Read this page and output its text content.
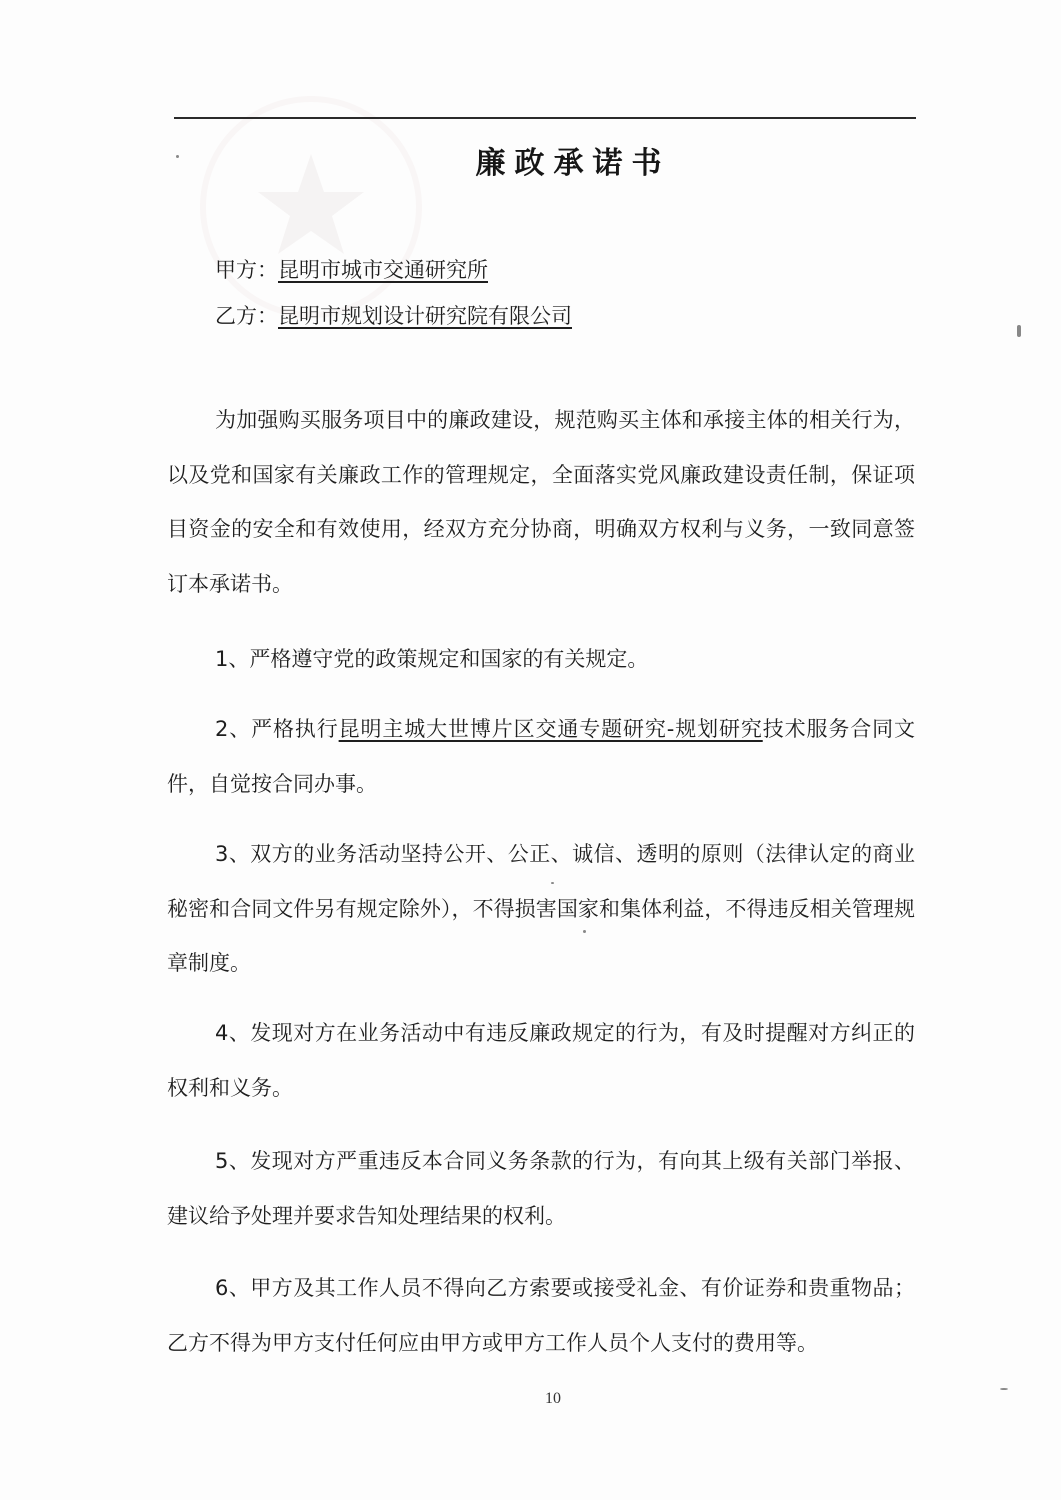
廉政承诺书
甲方：昆明市城市交通研究所
乙方：昆明市规划设计研究院有限公司

为加强购买服务项目中的廉政建设，规范购买主体和承接主体的相关行为，以及党和国家有关廉政工作的管理规定，全面落实党风廉政建设责任制，保证项目资金的安全和有效使用，经双方充分协商，明确双方权利与义务，一致同意签订本承诺书。

1、严格遵守党的政策规定和国家的有关规定。

2、严格执行昆明主城大世博片区交通专题研究-规划研究技术服务合同文件，自觉按合同办事。

3、双方的业务活动坚持公开、公正、诚信、透明的原则（法律认定的商业秘密和合同文件另有规定除外），不得损害国家和集体利益，不得违反相关管理规章制度。

4、发现对方在业务活动中有违反廉政规定的行为，有及时提醒对方纠正的权利和义务。

5、发现对方严重违反本合同义务条款的行为，有向其上级有关部门举报、建议给予处理并要求告知处理结果的权利。

6、甲方及其工作人员不得向乙方索要或接受礼金、有价证券和贵重物品；乙方不得为甲方支付任何应由甲方或甲方工作人员个人支付的费用等。

10
